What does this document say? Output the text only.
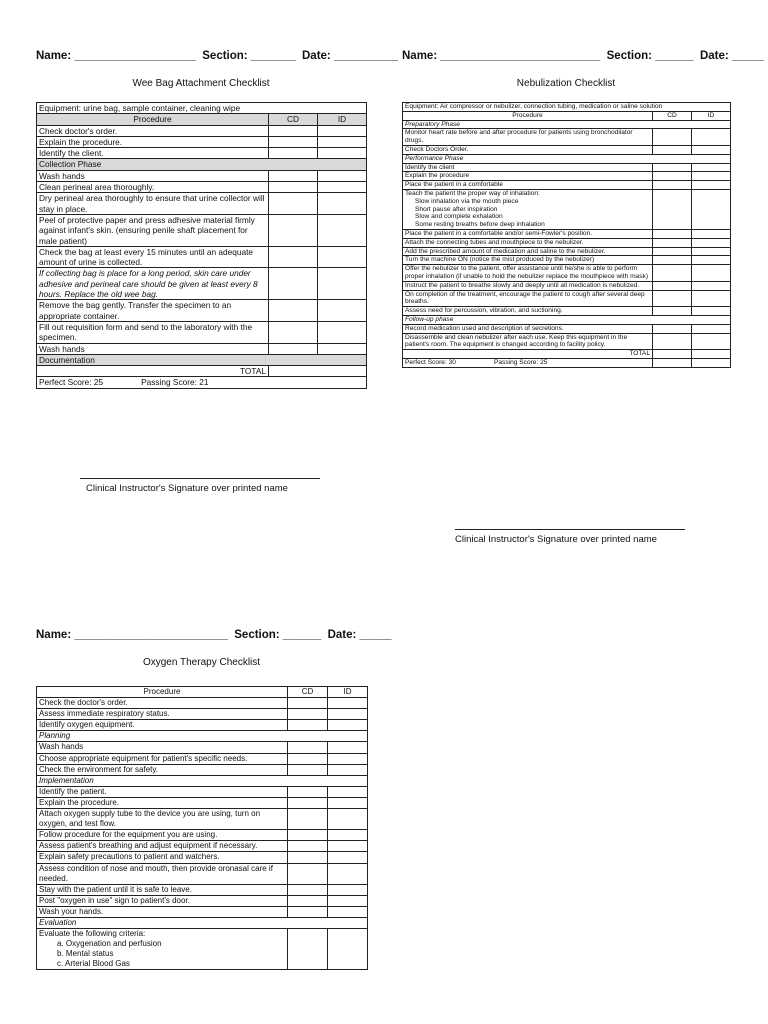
Name: ___________________ Section: _______ Date: __________
Wee Bag Attachment Checklist
Equipment: urine bag, sample container, cleaning wipe		
Procedure	CD	ID
Check doctor's order.		
Explain the procedure.		
Identify the client.		
Collection Phase		
Wash hands		
Clean perineal area thoroughly.		
Dry perineal area thoroughly to ensure that urine collector will stay in place.		
Peel of protective paper and press adhesive material firmly against infant's skin. (ensuring penile shaft placement for male patient)		
Check the bag at least every 15 minutes until an adequate amount of urine is collected.		
If collecting bag is place for a long period, skin care under adhesive and perineal care should be given at least every 8 hours. Replace the old wee bag.		
Remove the bag gently. Transfer the specimen to an appropriate container.		
Fill out requisition form and send to the laboratory with the specimen.		
Wash hands		
Documentation		
TOTAL		
Perfect Score: 25 Passing Score: 21		
Clinical Instructor's Signature over printed name
Name: _________________________ Section: ______ Date: _____
Nebulization Checklist
Equipment: Air compressor or nebulizer, connection tubing, medication or saline solution		
Procedure	CD	ID
Preparatory Phase		
Monitor heart rate before and after procedure for patients using bronchodilator drugs.		
Check Doctors Order.		
Performance Phase		
Identify the client		
Explain the procedure		
Place the patient in a comfortable		
Teach the patient the proper way of inhalation:
Slow inhalation via the mouth piece
Short pause after inspiration
Slow and complete exhalation
Some resting breaths before deep inhalation		

Place the patient in a comfortable and/or semi-Fowler's position.		
Attach the connecting tubes and mouthpiece to the nebulizer.		
Add the prescribed amount of medication and saline to the nebulizer.		
Turn the machine ON (notice the mist produced by the nebulizer)		
Offer the nebulizer to the patient, offer assistance until he/she is able to perform proper inhalation (if unable to hold the nebulizer replace the mouthpiece with mask)		
Instruct the patient to breathe slowly and deeply until all medication is nebulized.		
On completion of the treatment, encourage the patient to cough after several deep breaths.		
Assess need for percussion, vibration, and suctioning.		
Follow-up phase		
Record medication used and description of secretions.		
Disassemble and clean nebulizer after each use. Keep this equipment in the patient's room. The equipment is changed according to facility policy.		
TOTAL		
Perfect Score: 30 Passing Score: 25		
Clinical Instructor's Signature over printed name
Name: ________________________ Section: ______ Date: _____
Oxygen Therapy Checklist
Procedure	CD	ID
Check the doctor's order.		
Assess immediate respiratory status.		
Identify oxygen equipment.		
Planning		
Wash hands		
Choose appropriate equipment for patient's specific needs.		
Check the environment for safety.		
Implementation		
Identify the patient.		
Explain the procedure.		
Attach oxygen supply tube to the device you are using, turn on oxygen, and test flow.		
Follow procedure for the equipment you are using.		
Assess patient's breathing and adjust equipment if necessary.		
Explain safety precautions to patient and watchers.		
Assess condition of nose and mouth, then provide oronasal care if needed.		
Stay with the patient until it is safe to leave.		
Post "oxygen in use" sign to patient's door.		
Wash your hands.		
Evaluation		
Evaluate the following criteria:
a. Oxygenation and perfusion
b. Mental status
c. Arterial Blood Gas		
